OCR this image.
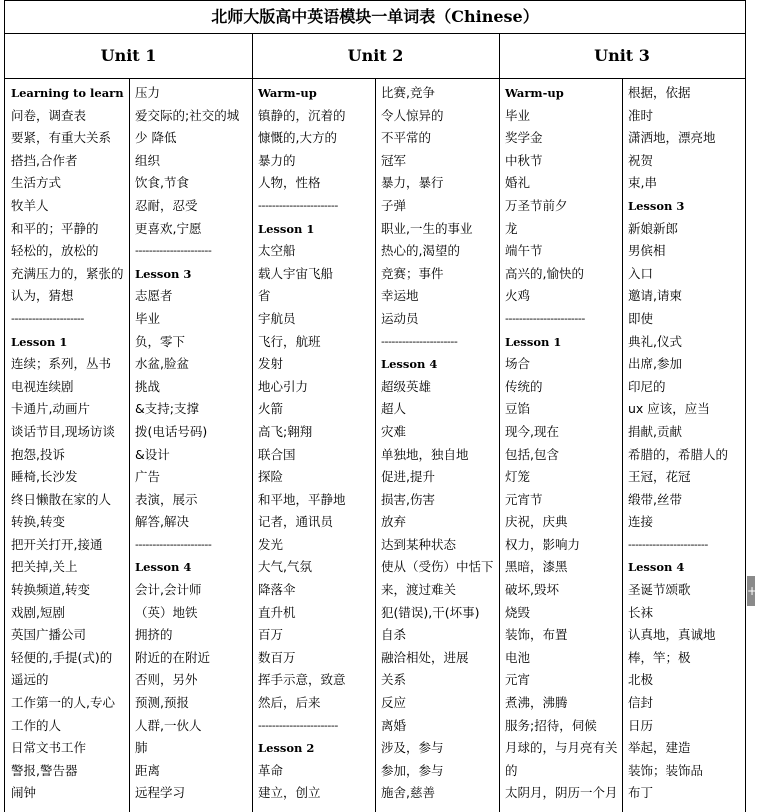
北师大版高中英语模块一单词表（Chinese）
Unit 1	Unit 2	Unit 3
Learning to learn
问卷，调查表
要紧，有重大关系
搭挡,合作者
生活方式
牧羊人
和平的；平静的
轻松的，放松的
充满压力的，紧张的
认为，猜想
---------------------
Lesson 1
连续；系列，丛书
电视连续剧
卡通片,动画片
谈话节目,现场访谈
抱怨,投诉
睡椅,长沙发
终日懒散在家的人
转换,转变
把开关打开,接通
把关掉,关上
转换频道,转变
戏剧,短剧
英国广播公司
轻便的,手提(式)的
遥远的
工作第一的人,专心
工作的人
日常文书工作
警报,警告器
闹钟
压力
爱交际的;社交的城
少 降低
组织
饮食,节食
忍耐，忍受
更喜欢,宁愿
----------------------
Lesson 3
志愿者
毕业
负，零下
水盆,脸盆
挑战
&支持;支撑
拨(电话号码)
&设计
广告
表演，展示
解答,解决
----------------------
Lesson 4
会计,会计师
（英）地铁
拥挤的
附近的在附近
否则，另外
预测,预报
人群,一伙人
肺
距离
远程学习
Warm-up
镇静的，沉着的
慷慨的,大方的
暴力的
人物，性格
-----------------------
Lesson 1
太空船
载人宇宙飞船
省
宇航员
飞行，航班
发射
地心引力
火箭
高飞;翱翔
联合国
探险
和平地，平静地
记者，通讯员
发光
大气,气氛
降落伞
直升机
百万
数百万
挥手示意，致意
然后，后来
-----------------------
Lesson 2
革命
建立，创立
比赛,竞争
令人惊异的
不平常的
冠军
暴力，暴行
子弹
职业,一生的事业
热心的,渴望的
竞赛；事件
幸运地
运动员
----------------------
Lesson 4
超级英雄
超人
灾难
单独地，独自地
促进,提升
损害,伤害
放弃
达到某种状态
使从（受伤）中恬下
来，渡过难关
犯(错误),干(坏事)
自杀
融洽相处，进展
关系
反应
离婚
涉及，参与
参加，参与
施舍,慈善
Warm-up
毕业
奖学金
中秋节
婚礼
万圣节前夕
龙
端午节
高兴的,愉快的
火鸡
-----------------------
Lesson 1
场合
传统的
豆馅
现今,现在
包括,包含
灯笼
元宵节
庆祝，庆典
权力，影响力
黑暗，漆黑
破坏,毁坏
烧毁
装饰，布置
电池
元宵
煮沸，沸腾
服务;招待，伺候
月球的，与月亮有关
的
太阴月，阴历一个月
根据，依据
准时
潇洒地，漂亮地
祝贺
束,串
Lesson 3
新娘新郎
男傧相
入口
邀请,请柬
即使
典礼,仪式
出席,参加
印尼的
ux 应该，应当
捐献,贡献
希腊的，希腊人的
王冠，花冠
缎带,丝带
连接
-----------------------
Lesson 4
圣诞节颂歌
长袜
认真地，真诚地
棒，竿；极
北极
信封
日历
举起，建造
装饰；装饰品
布丁
+
